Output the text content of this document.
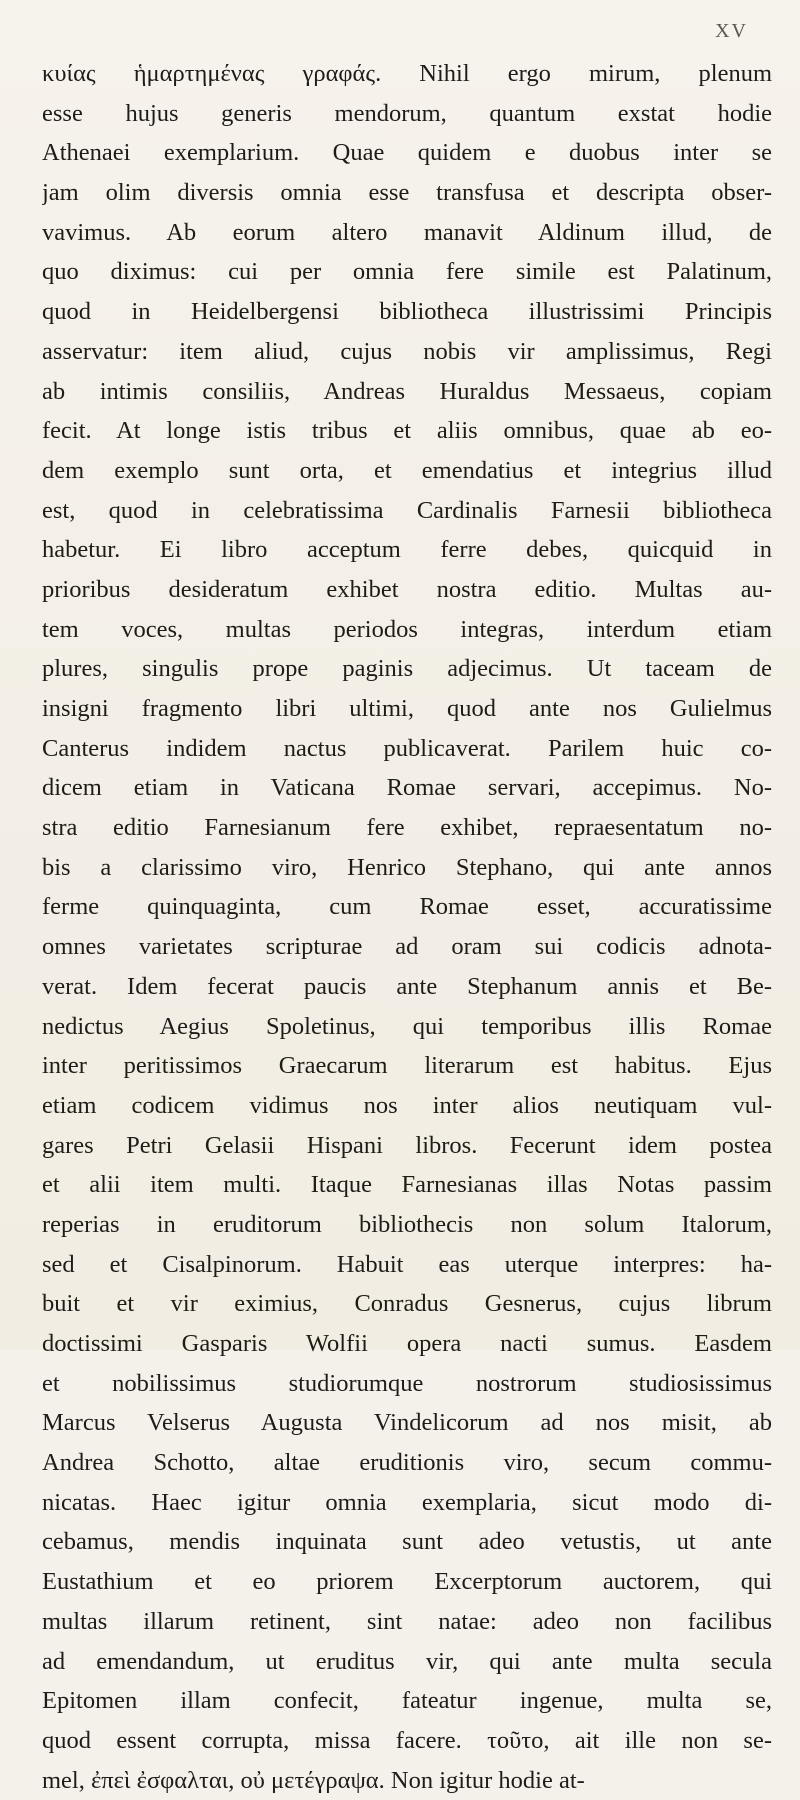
XV
κυίας ἡμαρτημένας γραφάς. Nihil ergo mirum, plenum
esse hujus generis mendorum, quantum exstat hodie
Athenaei exemplarium. Quae quidem e duobus inter se
jam olim diversis omnia esse transfusa et descripta obser-
vavimus. Ab eorum altero manavit Aldinum illud, de
quo diximus: cui per omnia fere simile est Palatinum,
quod in Heidelbergensi bibliotheca illustrissimi Principis
asservatur: item aliud, cujus nobis vir amplissimus, Regi
ab intimis consiliis, Andreas Huraldus Messaeus, copiam
fecit. At longe istis tribus et aliis omnibus, quae ab eo-
dem exemplo sunt orta, et emendatius et integrius illud
est, quod in celebratissima Cardinalis Farnesii bibliotheca
habetur. Ei libro acceptum ferre debes, quicquid in
prioribus desideratum exhibet nostra editio. Multas au-
tem voces, multas periodos integras, interdum etiam
plures, singulis prope paginis adjecimus. Ut taceam de
insigni fragmento libri ultimi, quod ante nos Gulielmus
Canterus indidem nactus publicaverat. Parilem huic co-
dicem etiam in Vaticana Romae servari, accepimus. No-
stra editio Farnesianum fere exhibet, repraesentatum no-
bis a clarissimo viro, Henrico Stephano, qui ante annos
ferme quinquaginta, cum Romae esset, accuratissime
omnes varietates scripturae ad oram sui codicis adnota-
verat. Idem fecerat paucis ante Stephanum annis et Be-
nedictus Aegius Spoletinus, qui temporibus illis Romae
inter peritissimos Graecarum literarum est habitus. Ejus
etiam codicem vidimus nos inter alios neutiquam vul-
gares Petri Gelasii Hispani libros. Fecerunt idem postea
et alii item multi. Itaque Farnesianas illas Notas passim
reperias in eruditorum bibliothecis non solum Italorum,
sed et Cisalpinorum. Habuit eas uterque interpres: ha-
buit et vir eximius, Conradus Gesnerus, cujus librum
doctissimi Gasparis Wolfii opera nacti sumus. Easdem
et nobilissimus studiorumque nostrorum studiosissimus
Marcus Velserus Augusta Vindelicorum ad nos misit, ab
Andrea Schotto, altae eruditionis viro, secum commu-
nicatas. Haec igitur omnia exemplaria, sicut modo di-
cebamus, mendis inquinata sunt adeo vetustis, ut ante
Eustathium et eo priorem Excerptorum auctorem, qui
multas illarum retinent, sint natae: adeo non facilibus
ad emendandum, ut eruditus vir, qui ante multa secula
Epitomen illam confecit, fateatur ingenue, multa se,
quod essent corrupta, missa facere. τοῦτο, ait ille non se-
mel, ἐπεὶ ἐσφαλται, οὐ μετέγραψα. Non igitur hodie at-
